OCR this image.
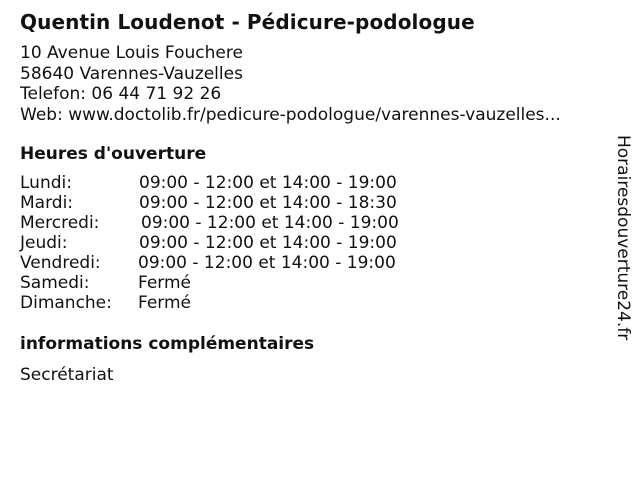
Quentin Loudenot - Pédicure-podologue
10 Avenue Louis Fouchere
58640 Varennes-Vauzelles
Telefon: 06 44 71 92 26
Web: www.doctolib.fr/pedicure-podologue/varennes-vauzelles...
Heures d'ouverture
Lundi:	09:00 - 12:00 et 14:00 - 19:00
Mardi:	09:00 - 12:00 et 14:00 - 18:30
Mercredi: 09:00 - 12:00 et 14:00 - 19:00
Jeudi:	09:00 - 12:00 et 14:00 - 19:00
Vendredi: 09:00 - 12:00 et 14:00 - 19:00
Samedi:	Fermé
Dimanche: Fermé
informations complémentaires
Secrétariat
Horairesdouverture24.fr
